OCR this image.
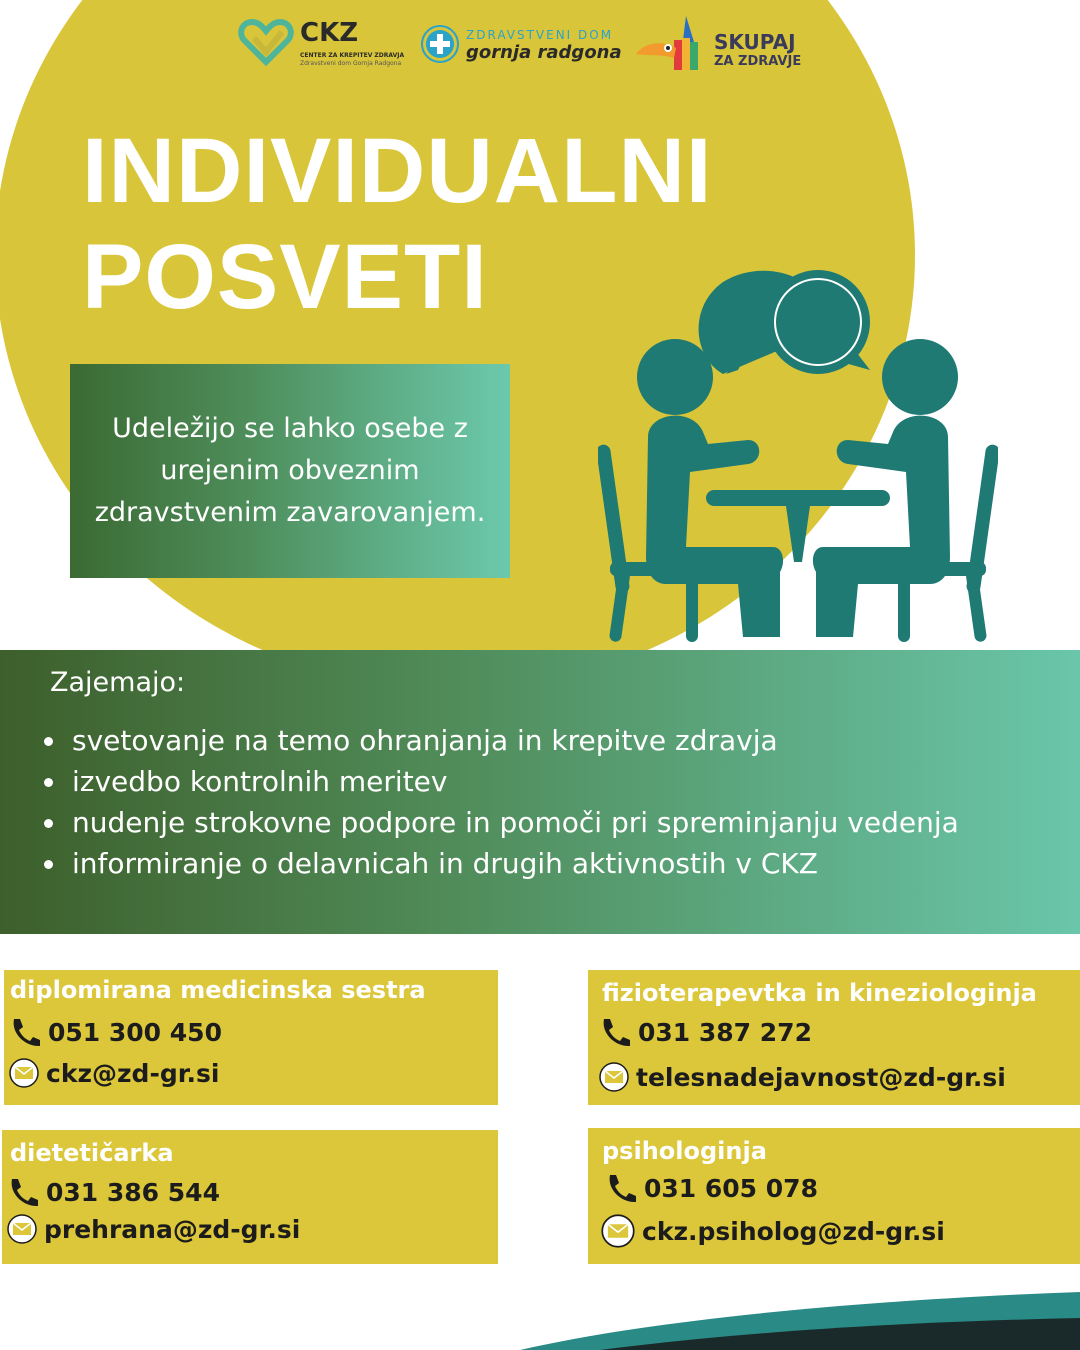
CKZ
CENTER ZA KREPITEV ZDRAVJA
Zdravstveni dom Gornja Radgona
ZDRAVSTVENI DOM
gornja radgona	SKUPAJ
ZA ZDRAVJE
INDIVIDUALNI
POSVETI
Udeležijo se lahko osebe z urejenim obveznim zdravstvenim zavarovanjem.
Zajemajo:
svetovanje na temo ohranjanja in krepitve zdravja
izvedbo kontrolnih meritev
nudenje strokovne podpore in pomoči pri spreminjanju vedenja
informiranje o delavnicah in drugih aktivnostih v CKZ
diplomirana medicinska sestra
051 300 450
ckz@zd-gr.si
fizioterapevtka in kineziologinja
031 387 272
telesnadejavnost@zd-gr.si
dietetičarka
031 386 544
prehrana@zd-gr.si
psihologinja
031 605 078
ckz.psiholog@zd-gr.si
